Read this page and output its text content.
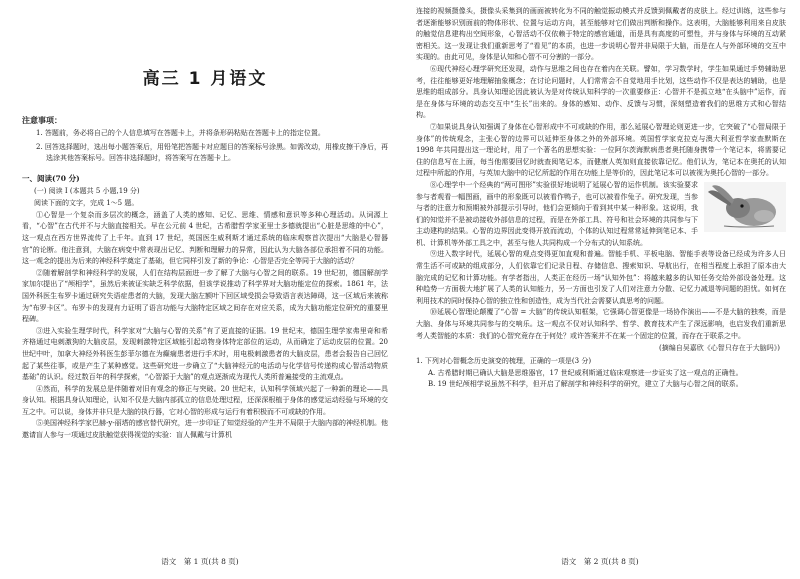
高三 1 月语文
注意事项：

1. 答题前，务必将自己的个人信息填写在答题卡上，并将条形码粘贴在答题卡上的指定位置。

2. 回答选择题时，选出每小题答案后，用铅笔把答题卡对应题目的答案标号涂黑。如需改动，用橡皮擦干净后，再选涂其他答案标号。回答非选择题时，将答案写在答题卡上。

一、阅读(70 分)
(一) 阅读 I (本题共 5 小题,19 分)
阅读下面的文字，完成 1～5 题。

①心智是一个复杂而多层次的概念，涵盖了人类的感知、记忆、思维、情感和意识等多种心理活动。从词源上看，“心智”在古代并不与大脑直接相关。早在公元前 4 世纪，古希腊哲学家亚里士多德就提出“心脏是思维的中心”，这一观点在西方世界流传了上千年。直到 17 世纪，英国医生威利斯才通过系统的临床观察首次提出“大脑是心智器官”的论断。他注意到，大脑在病变中常表现出记忆、判断和理解力的异常，因此认为大脑各部位承担着不同的功能。这一观念的提出为后来的神经科学奠定了基础，但它同样引发了新的争论：心智是否完全等同于大脑的活动？

②随着解剖学和神经科学的发展，人们在结构层面进一步了解了大脑与心智之间的联系。19 世纪初，德国解剖学家加尔提出了“颅相学”，虽然后来被证实缺乏科学依据，但该学说推动了科学界对大脑功能定位的探索。1861 年，法国外科医生布罗卡通过研究失语症患者的大脑，发现大脑左额叶下回区域受损会导致语言表达障碍，这一区域后来被称为“布罗卡区”。布罗卡的发现有力证明了语言功能与大脑特定区域之间存在对应关系，成为大脑功能定位研究的重要里程碑。

③进入实验生理学时代，科学家对“大脑与心智的关系”有了更直接的证据。19 世纪末，德国生理学家弗里奇和希齐格通过电刺激狗的大脑皮层，发现刺激特定区域能引起动物身体特定部位的运动，从而确定了运动皮层的位置。20 世纪中叶，加拿大神经外科医生彭菲尔德在为癫痫患者进行手术时，用电极刺激患者的大脑皮层，患者会报告自己回忆起了某些往事，或是产生了某种感觉。这些研究进一步确立了“大脑神经元的电活动与化学信号传递构成心智活动物质基础”的认识。经过数百年的科学探索，“心智源于大脑”的观点逐渐成为现代人类所普遍接受的主流观点。

④然而，科学的发展总是伴随着对旧有观念的修正与突破。20 世纪末，认知科学领域兴起了一种新的理论——具身认知。根据具身认知理论，认知不仅是大脑内部孤立的信息处理过程，还深深根植于身体的感觉运动经验与环境的交互之中。可以说，身体并非只是大脑的执行器，它对心智的形成与运行有着积极而不可或缺的作用。

⑤美国神经科学家巴赫-y-丽塔的感官替代研究，进一步印证了知觉经验的产生并不局限于大脑内部的神经机制。他邀请盲人参与一项通过皮肤触觉获得视觉的实验：盲人佩戴与计算机

语文　第 1 页(共 8 页)

连接的视频摄像头，摄像头采集到的画面被转化为不同的触觉振动模式并反馈到佩戴者的皮肤上。经过训练，这些参与者逐渐能够识别面前的物体形状、位置与运动方向，甚至能够对它们做出判断和操作。这表明，大脑能够利用来自皮肤的触觉信息建构出空间形象，心智活动不仅依赖于特定的感官通道，而是具有高度的可塑性，并与身体与环境的互动紧密相关。这一发现让我们重新思考了“看见”的本质，也进一步说明心智并非局限于大脑，而是在人与外部环境的交互中实现的。由此可见，身体是认知和心智不可分割的一部分。

⑥现代神经心理学研究还发现，动作与思维之间也存在着内在关联。譬如，学习数学时，学生如果通过手势辅助思考，往往能够更好地理解抽象概念；在讨论问题时，人们常常会不自觉地用手比划，这些动作不仅是表达的辅助，也是思维的组成部分。具身认知理论因此被认为是对传统认知科学的一次重要修正：心智并不是孤立地“在头脑中”运作，而是在身体与环境的动态交互中“生长”出来的。身体的感知、动作、反馈与习惯，深刻塑造着我们的思维方式和心智结构。

⑦如果说具身认知强调了身体在心智形成中不可或缺的作用，那么延展心智理论则更进一步，它突破了“心智局限于身体”的传统观念，主张心智的边界可以延伸至身体之外的外部环境。英国哲学家克拉克与澳大利亚哲学家查默斯在 1998 年共同提出这一理论时，用了一个著名的思想实验：一位阿尔茨海默病患者奥托随身携带一个笔记本，将需要记住的信息写在上面，每当他需要回忆时就查阅笔记本，而健康人英加则直接依靠记忆。他们认为，笔记本在奥托的认知过程中所起的作用，与英加大脑中的记忆所起的作用在功能上是等价的，因此笔记本可以被视为奥托心智的一部分。

⑧心理学中一个经典的“两可图形”实验很好地说明了延展心智的运作机制。该实验要求参与者观看一幅图画，画中的形象既可以被看作鸭子，也可以被看作兔子。研究发现，当参与者的注意力和预期被外部提示引导时，他们会更倾向于看到其中某一种形象。这说明，我们的知觉并不是被动接收外部信息的过程，而是在外部工具、符号和社会环境的共同参与下主动建构的结果。心智的边界因此变得开放而流动，个体的认知过程常常延伸到笔记本、手机、计算机等外部工具之中，甚至与他人共同构成一个分布式的认知系统。

⑨进入数字时代，延展心智的观点变得更加直观和普遍。智能手机、平板电脑、智能手表等设备已经成为许多人日常生活不可或缺的组成部分，人们依靠它们记录日程、存储信息、搜索知识、导航出行，在相当程度上承担了原本由大脑完成的记忆和计算功能。有学者指出，人类正在经历一场“认知外包”：将越来越多的认知任务交给外部设备处理。这种趋势一方面极大地扩展了人类的认知能力，另一方面也引发了人们对注意力分散、记忆力减退等问题的担忧。如何在利用技术的同时保持心智的独立性和创造性，成为当代社会需要认真思考的问题。

⑩延展心智理论颠覆了“心智 = 大脑”的传统认知框架，它强调心智更像是一场协作演出——不是大脑的独奏，而是大脑、身体与环境共同参与的交响乐。这一观点不仅对认知科学、哲学、教育技术产生了深远影响，也启发我们重新思考人类智能的本质：我们的心智究竟存在于何处？或许答案并不在某一个固定的位置，而存在于联系之中。

(摘编自吴嘉欣《心智只存在于大脑吗》)

1. 下列对心智概念历史演变的梳理，正确的一项是(3 分)

A. 古希腊时期已确认大脑是思维器官，17 世纪威利斯通过临床观察进一步证实了这一观点的正确性。

B. 19 世纪颅相学说虽然不科学，但开启了解剖学和神经科学的研究，建立了大脑与心智之间的联系。

语文　第 2 页(共 8 页)
